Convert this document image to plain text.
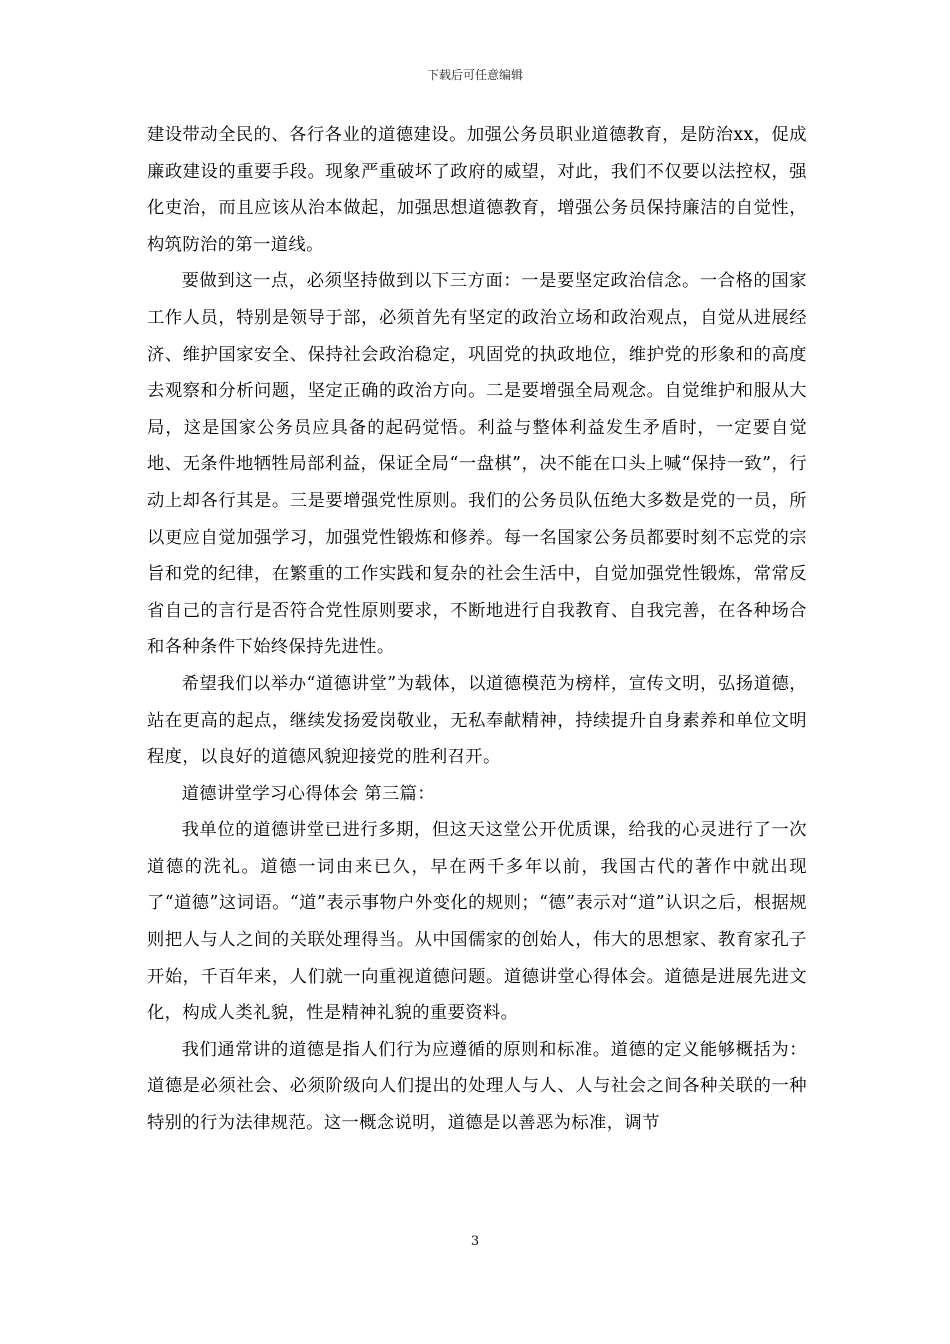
下载后可任意编辑

建设带动全民的、各行各业的道德建设。加强公务员职业道德教育，是防治xx，促成廉政建设的重要手段。现象严重破坏了政府的威望，对此，我们不仅要以法控权，强化吏治，而且应该从治本做起，加强思想道德教育，增强公务员保持廉洁的自觉性，构筑防治的第一道线。

要做到这一点，必须坚持做到以下三方面：一是要坚定政治信念。一合格的国家工作人员，特别是领导于部，必须首先有坚定的政治立场和政治观点，自觉从进展经济、维护国家安全、保持社会政治稳定，巩固党的执政地位，维护党的形象和的高度去观察和分析问题，坚定正确的政治方向。二是要增强全局观念。自觉维护和服从大局，这是国家公务员应具备的起码觉悟。利益与整体利益发生矛盾时，一定要自觉地、无条件地牺牲局部利益，保证全局“一盘棋”，决不能在口头上喊“保持一致”，行动上却各行其是。三是要增强党性原则。我们的公务员队伍绝大多数是党的一员，所以更应自觉加强学习，加强党性锻炼和修养。每一名国家公务员都要时刻不忘党的宗旨和党的纪律，在繁重的工作实践和复杂的社会生活中，自觉加强党性锻炼，常常反省自己的言行是否符合党性原则要求，不断地进行自我教育、自我完善，在各种场合和各种条件下始终保持先进性。

希望我们以举办“道德讲堂”为载体，以道德模范为榜样，宣传文明，弘扬道德，站在更高的起点，继续发扬爱岗敬业，无私奉献精神，持续提升自身素养和单位文明程度，以良好的道德风貌迎接党的胜利召开。

道德讲堂学习心得体会 第三篇：

我单位的道德讲堂已进行多期，但这天这堂公开优质课，给我的心灵进行了一次道德的洗礼。道德一词由来已久，早在两千多年以前，我国古代的著作中就出现了“道德”这词语。“道”表示事物户外变化的规则；“德”表示对“道”认识之后，根据规则把人与人之间的关联处理得当。从中国儒家的创始人，伟大的思想家、教育家孔子开始，千百年来，人们就一向重视道德问题。道德讲堂心得体会。道德是进展先进文化，构成人类礼貌，性是精神礼貌的重要资料。

我们通常讲的道德是指人们行为应遵循的原则和标准。道德的定义能够概括为：道德是必须社会、必须阶级向人们提出的处理人与人、人与社会之间各种关联的一种特别的行为法律规范。这一概念说明，道德是以善恶为标准，调节

3
